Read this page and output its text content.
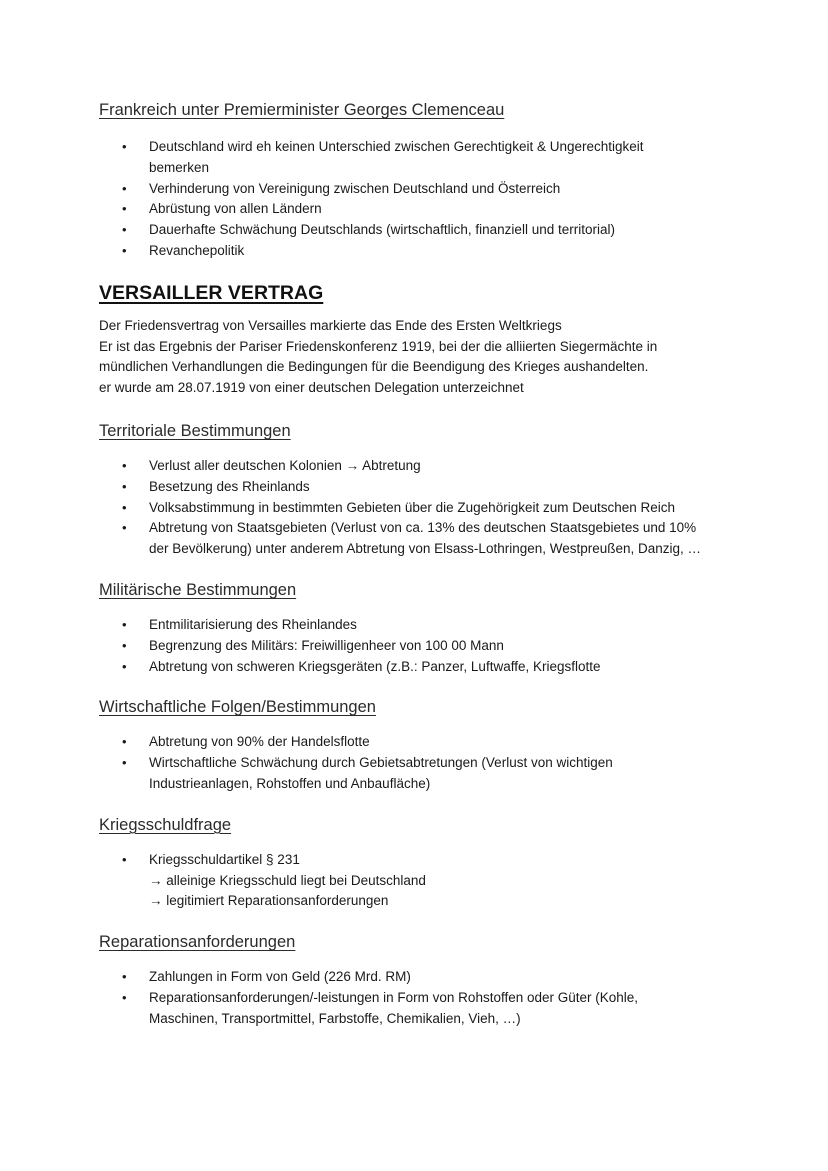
Frankreich unter Premierminister Georges Clemenceau
• Deutschland wird eh keinen Unterschied zwischen Gerechtigkeit & Ungerechtigkeit
bemerken
• Verhinderung von Vereinigung zwischen Deutschland und Österreich
• Abrüstung von allen Ländern
• Dauerhafte Schwächung Deutschlands (wirtschaftlich, finanziell und territorial)
• Revanchepolitik
VERSAILLER VERTRAG

Der Friedensvertrag von Versailles markierte das Ende des Ersten Weltkriegs
Er ist das Ergebnis der Pariser Friedenskonferenz 1919, bei der die alliierten Siegermächte in
mündlichen Verhandlungen die Bedingungen für die Beendigung des Krieges aushandelten.
er wurde am 28.07.1919 von einer deutschen Delegation unterzeichnet

Territoriale Bestimmungen
• Verlust aller deutschen Kolonien → Abtretung
• Besetzung des Rheinlands
• Volksabstimmung in bestimmten Gebieten über die Zugehörigkeit zum Deutschen Reich
• Abtretung von Staatsgebieten (Verlust von ca. 13% des deutschen Staatsgebietes und 10%
der Bevölkerung) unter anderem Abtretung von Elsass-Lothringen, Westpreußen, Danzig, …
Militärische Bestimmungen
• Entmilitarisierung des Rheinlandes
• Begrenzung des Militärs: Freiwilligenheer von 100 00 Mann
• Abtretung von schweren Kriegsgeräten (z.B.: Panzer, Luftwaffe, Kriegsflotte
Wirtschaftliche Folgen/Bestimmungen
• Abtretung von 90% der Handelsflotte
• Wirtschaftliche Schwächung durch Gebietsabtretungen (Verlust von wichtigen
Industrieanlagen, Rohstoffen und Anbaufläche)
Kriegsschuldfrage
• Kriegsschuldartikel § 231
→ alleinige Kriegsschuld liegt bei Deutschland
→ legitimiert Reparationsanforderungen
Reparationsanforderungen
• Zahlungen in Form von Geld (226 Mrd. RM)
• Reparationsanforderungen/-leistungen in Form von Rohstoffen oder Güter (Kohle,
Maschinen, Transportmittel, Farbstoffe, Chemikalien, Vieh, …)
